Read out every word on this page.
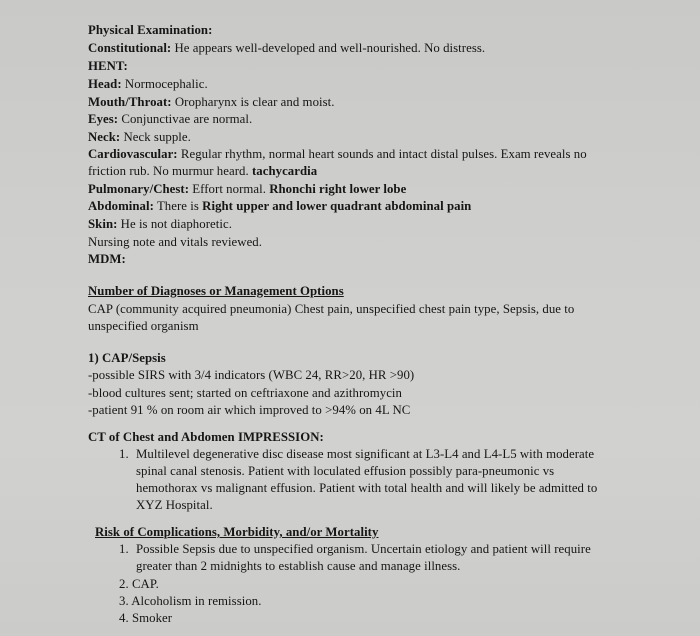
Physical Examination:
Constitutional: He appears well-developed and well-nourished. No distress.
HENT:
Head: Normocephalic.
Mouth/Throat: Oropharynx is clear and moist.
Eyes: Conjunctivae are normal.
Neck: Neck supple.
Cardiovascular: Regular rhythm, normal heart sounds and intact distal pulses. Exam reveals no
friction rub. No murmur heard. tachycardia
Pulmonary/Chest: Effort normal. Rhonchi right lower lobe
Abdominal: There is Right upper and lower quadrant abdominal pain
Skin: He is not diaphoretic.
Nursing note and vitals reviewed.
MDM:
Number of Diagnoses or Management Options
CAP (community acquired pneumonia) Chest pain, unspecified chest pain type, Sepsis, due to
unspecified organism
1) CAP/Sepsis
-possible SIRS with 3/4 indicators (WBC 24, RR>20, HR >90)
-blood cultures sent; started on ceftriaxone and azithromycin
-patient 91 % on room air which improved to >94% on 4L NC
CT of Chest and Abdomen IMPRESSION:
1. Multilevel degenerative disc disease most significant at L3-L4 and L4-L5 with moderate
spinal canal stenosis. Patient with loculated effusion possibly para-pneumonic vs
hemothorax vs malignant effusion. Patient with total health and will likely be admitted to
XYZ Hospital.
Risk of Complications, Morbidity, and/or Mortality
1. Possible Sepsis due to unspecified organism. Uncertain etiology and patient will require
greater than 2 midnights to establish cause and manage illness.
2. CAP.
3. Alcoholism in remission.
4. Smoker
